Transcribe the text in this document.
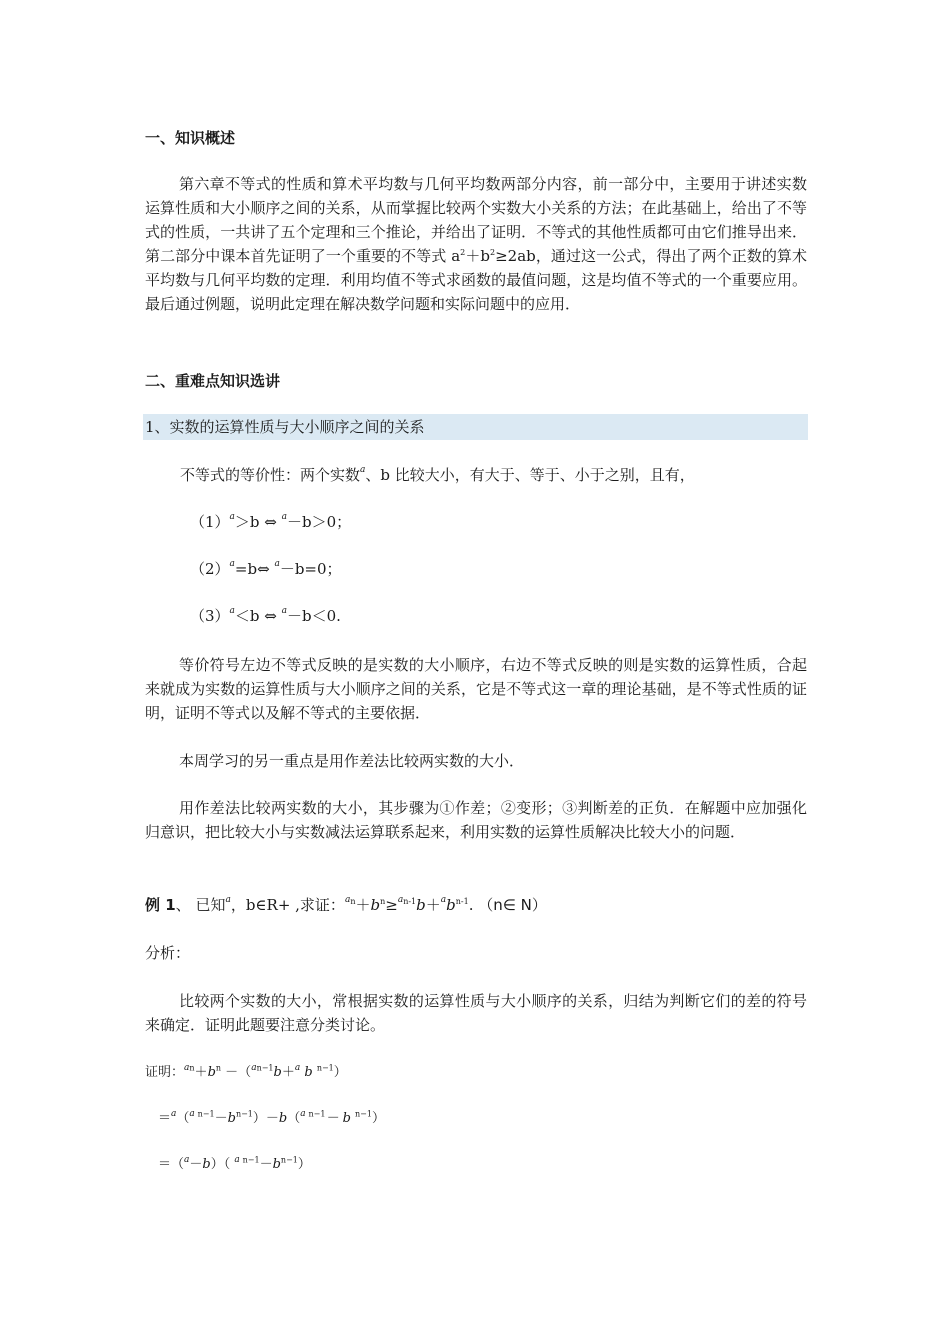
一、知识概述
第六章不等式的性质和算术平均数与几何平均数两部分内容，前一部分中，主要用于讲述实数运算性质和大小顺序之间的关系，从而掌握比较两个实数大小关系的方法；在此基础上，给出了不等式的性质，一共讲了五个定理和三个推论，并给出了证明．不等式的其他性质都可由它们推导出来．第二部分中课本首先证明了一个重要的不等式 $a^2+b^2\ge 2ab$，通过这一公式，得出了两个正数的算术平均数与几何平均数的定理．利用均值不等式求函数的最值问题，这是均值不等式的一个重要应用。最后通过例题，说明此定理在解决数学问题和实际问题中的应用．
二、重难点知识选讲
1、实数的运算性质与大小顺序之间的关系
不等式的等价性：两个实数$^a$、b 比较大小，有大于、等于、小于之别，且有，
$(1)^a>b$ ⇔ $^a$－b＞0；
$(2)^a=b\Leftrightarrow$ $^a$－b=0；
$(3)^a<b$ ⇔ $^a$－b＜0.
等价符号左边不等式反映的是实数的大小顺序，右边不等式反映的则是实数的运算性质，合起来就成为实数的运算性质与大小顺序之间的关系，它是不等式这一章的理论基础，是不等式性质的证明，证明不等式以及解不等式的主要依据．
本周学习的另一重点是用作差法比较两实数的大小．
用作差法比较两实数的大小，其步骤为①作差；②变形；③判断差的正负．在解题中应加强化归意识，把比较大小与实数减法运算联系起来，利用实数的运算性质解决比较大小的问题．
例 1、 已知$^a$，b∈R+ ,求证：$^{an}+b^n\ge^{an-1}b+^ab^{n-1}$. （n∈ N）
分析：
比较两个实数的大小，常根据实数的运算性质与大小顺序的关系，归结为判断它们的差的符号来确定．证明此题要注意分类讨论。
证明：$^{an}+b^n -(^{an-1}b+^a$ b $^{n-1}$）
＝$^a$（$^a$ $^{n-1}-b^{n-1})-b(^a$ $^{n-1}$－ b $^{n-1}$）
＝（$^a$－b）（ $^a$ $^{n-1}-b^{n-1}$）
